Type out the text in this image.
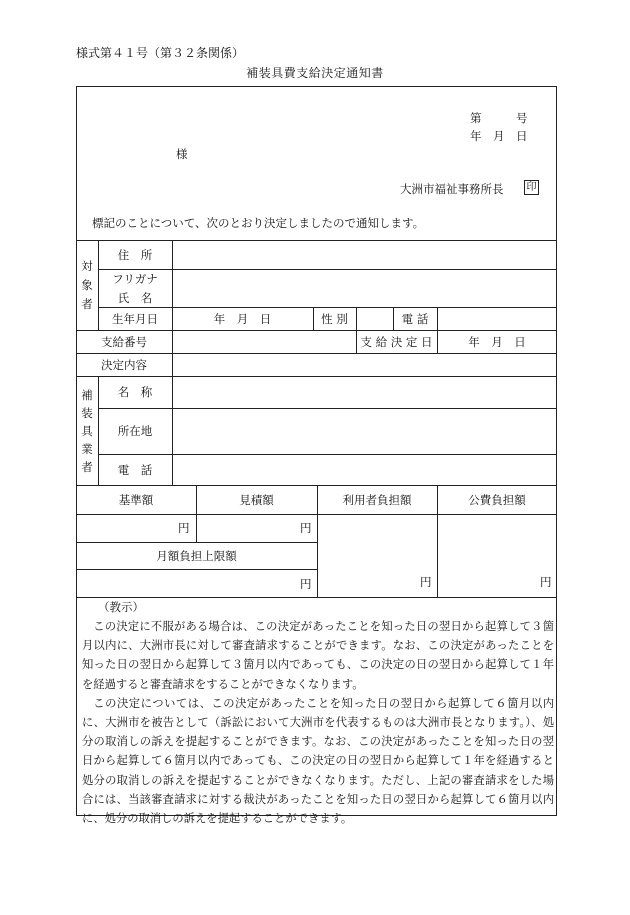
様式第４１号（第３２条関係）
補装具費支給決定通知書
第　　　号
年　月　日
様
大洲市福祉事務所長 印
標記のことについて、次のとおり決定しましたので通知します。
対
象
者
住　所
フリガナ
氏　名
生年月日	年　月　日	性 別	電 話
支給番号	支 給 決 定 日	年　月　日
決定内容
補
装
具
業
者
名　称
所在地
電　話
基準額	見積額	利用者負担額	公費負担額
円	円
月額負担上限額
円	円	円
（教示）

この決定に不服がある場合は、この決定があったことを知った日の翌日から起算して３箇月以内に、大洲市長に対して審査請求することができます。なお、この決定があったことを知った日の翌日から起算して３箇月以内であっても、この決定の日の翌日から起算して１年を経過すると審査請求をすることができなくなります。

この決定については、この決定があったことを知った日の翌日から起算して６箇月以内に、大洲市を被告として（訴訟において大洲市を代表するものは大洲市長となります。）、処分の取消しの訴えを提起することができます。なお、この決定があったことを知った日の翌日から起算して６箇月以内であっても、この決定の日の翌日から起算して１年を経過すると処分の取消しの訴えを提起することができなくなります。ただし、上記の審査請求をした場合には、当該審査請求に対する裁決があったことを知った日の翌日から起算して６箇月以内に、処分の取消しの訴えを提起することができます。
